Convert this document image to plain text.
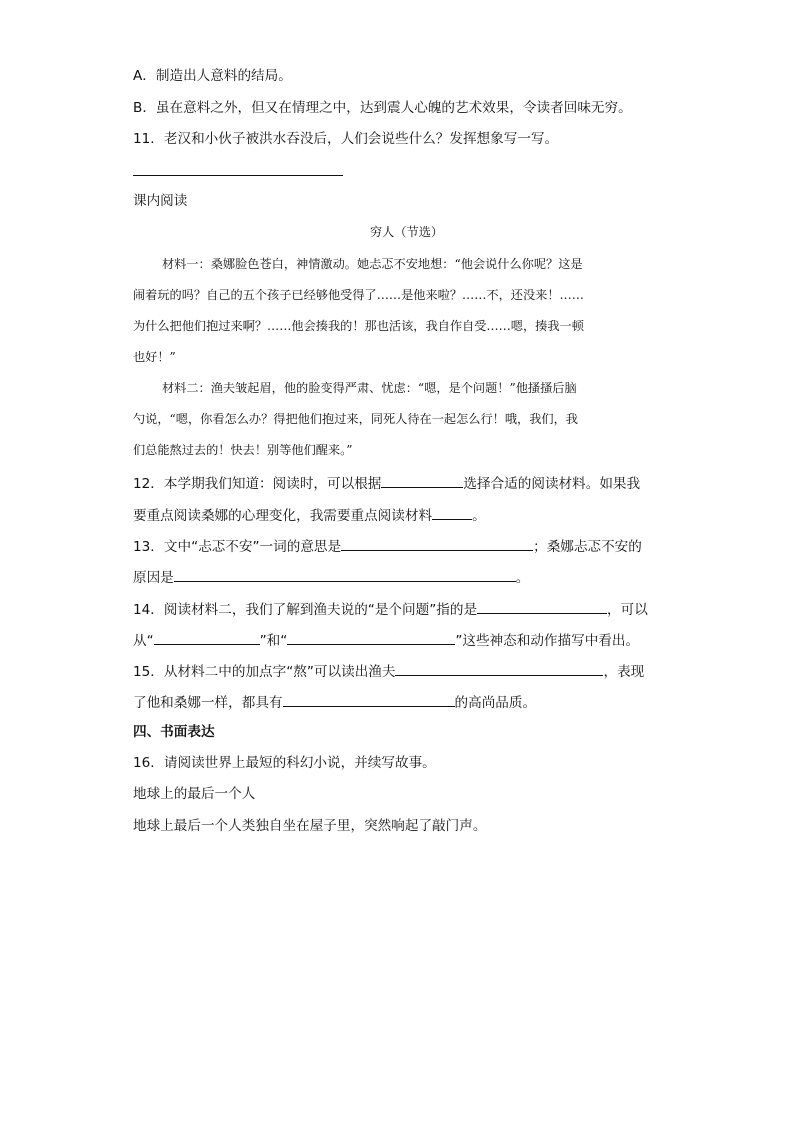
A．制造出人意料的结局。
B．虽在意料之外，但又在情理之中，达到震人心魄的艺术效果，令读者回味无穷。
11．老汉和小伙子被洪水吞没后，人们会说些什么？发挥想象写一写。
课内阅读
穷人（节选）
材料一：桑娜脸色苍白，神情激动。她忐忑不安地想：“他会说什么你呢？这是
闹着玩的吗？自己的五个孩子已经够他受得了……是他来啦？……不，还没来！……
为什么把他们抱过来啊？……他会揍我的！那也活该，我自作自受……嗯，揍我一顿
也好！”
材料二：渔夫皱起眉，他的脸变得严肃、忧虑：“嗯，是个问题！”他搔搔后脑
勺说，“嗯，你看怎么办？得把他们抱过来，同死人待在一起怎么行！哦，我们，我
们总能熬过去的！快去！别等他们醒来。”
12．本学期我们知道：阅读时，可以根据	选择合适的阅读材料。如果我
要重点阅读桑娜的心理变化，我需要重点阅读材料	。
13．文中“忐忑不安”一词的意思是	；桑娜忐忑不安的
原因是	。
14．阅读材料二，我们了解到渔夫说的“是个问题”指的是	，可以
从“	”和“	”这些神态和动作描写中看出。
15．从材料二中的加点字“熬”可以读出渔夫	，表现
了他和桑娜一样，都具有	的高尚品质。
四、书面表达
16．请阅读世界上最短的科幻小说，并续写故事。
地球上的最后一个人
地球上最后一个人类独自坐在屋子里，突然响起了敲门声。
